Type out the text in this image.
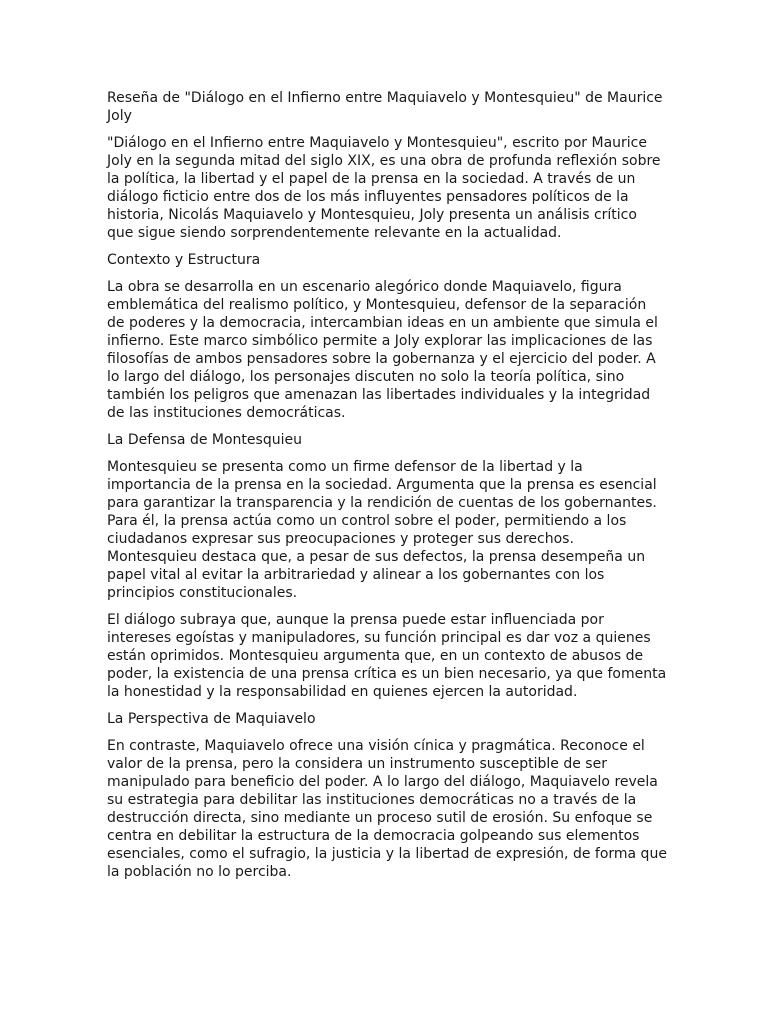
Reseña de "Diálogo en el Infierno entre Maquiavelo y Montesquieu" de Maurice Joly

"Diálogo en el Infierno entre Maquiavelo y Montesquieu", escrito por Maurice Joly en la segunda mitad del siglo XIX, es una obra de profunda reflexión sobre la política, la libertad y el papel de la prensa en la sociedad. A través de un diálogo ficticio entre dos de los más influyentes pensadores políticos de la historia, Nicolás Maquiavelo y Montesquieu, Joly presenta un análisis crítico que sigue siendo sorprendentemente relevante en la actualidad.

Contexto y Estructura

La obra se desarrolla en un escenario alegórico donde Maquiavelo, figura emblemática del realismo político, y Montesquieu, defensor de la separación de poderes y la democracia, intercambian ideas en un ambiente que simula el infierno. Este marco simbólico permite a Joly explorar las implicaciones de las filosofías de ambos pensadores sobre la gobernanza y el ejercicio del poder. A lo largo del diálogo, los personajes discuten no solo la teoría política, sino también los peligros que amenazan las libertades individuales y la integridad de las instituciones democráticas.

La Defensa de Montesquieu

Montesquieu se presenta como un firme defensor de la libertad y la importancia de la prensa en la sociedad. Argumenta que la prensa es esencial para garantizar la transparencia y la rendición de cuentas de los gobernantes. Para él, la prensa actúa como un control sobre el poder, permitiendo a los ciudadanos expresar sus preocupaciones y proteger sus derechos. Montesquieu destaca que, a pesar de sus defectos, la prensa desempeña un papel vital al evitar la arbitrariedad y alinear a los gobernantes con los principios constitucionales.

El diálogo subraya que, aunque la prensa puede estar influenciada por intereses egoístas y manipuladores, su función principal es dar voz a quienes están oprimidos. Montesquieu argumenta que, en un contexto de abusos de poder, la existencia de una prensa crítica es un bien necesario, ya que fomenta la honestidad y la responsabilidad en quienes ejercen la autoridad.

La Perspectiva de Maquiavelo

En contraste, Maquiavelo ofrece una visión cínica y pragmática. Reconoce el valor de la prensa, pero la considera un instrumento susceptible de ser manipulado para beneficio del poder. A lo largo del diálogo, Maquiavelo revela su estrategia para debilitar las instituciones democráticas no a través de la destrucción directa, sino mediante un proceso sutil de erosión. Su enfoque se centra en debilitar la estructura de la democracia golpeando sus elementos esenciales, como el sufragio, la justicia y la libertad de expresión, de forma que la población no lo perciba.
